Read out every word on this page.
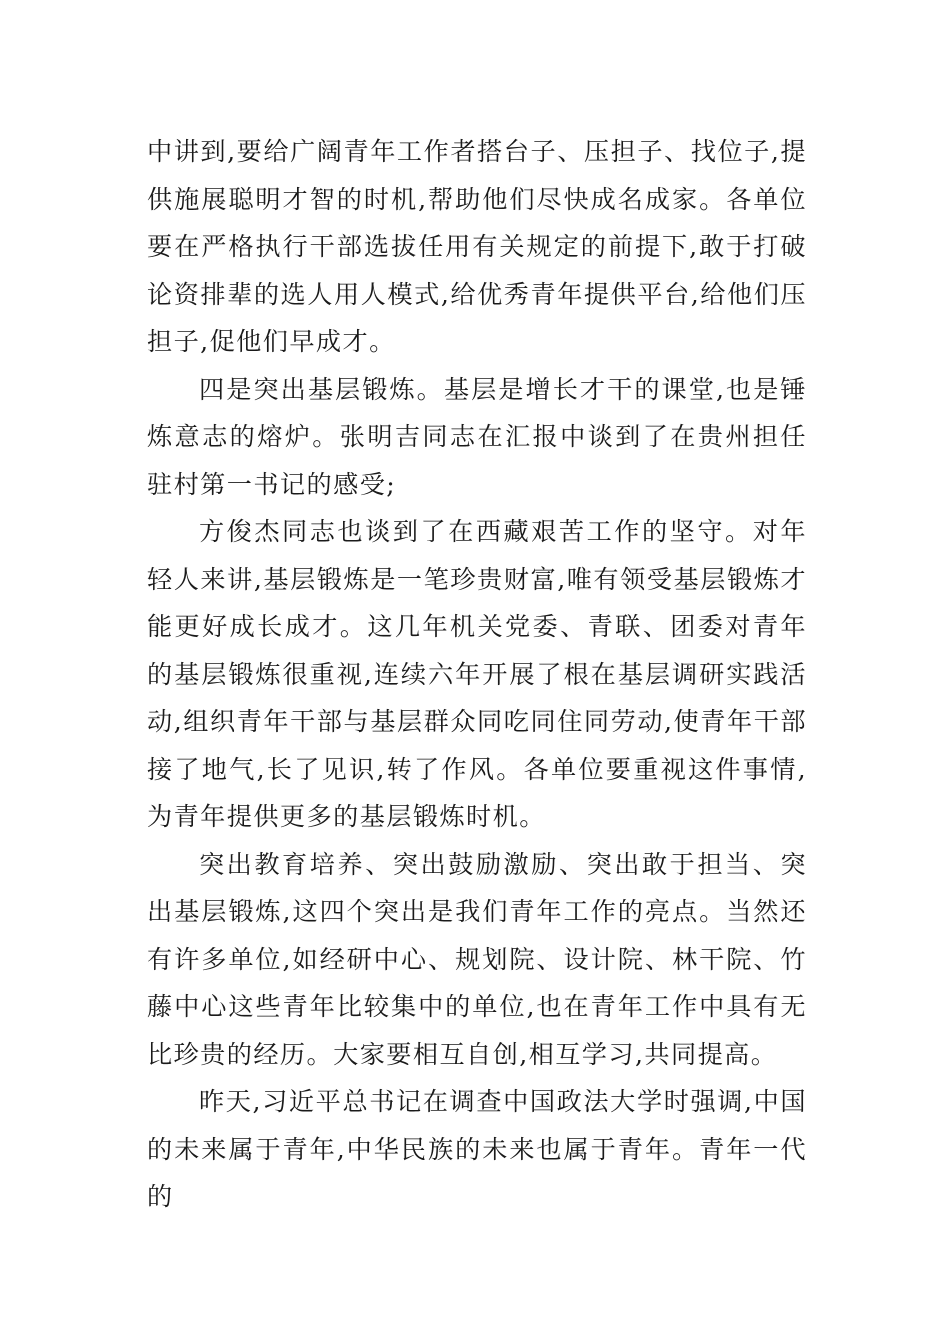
中讲到,要给广阔青年工作者搭台子、压担子、找位子,提供施展聪明才智的时机,帮助他们尽快成名成家。各单位要在严格执行干部选拔任用有关规定的前提下,敢于打破论资排辈的选人用人模式,给优秀青年提供平台,给他们压担子,促他们早成才。

四是突出基层锻炼。基层是增长才干的课堂,也是锤炼意志的熔炉。张明吉同志在汇报中谈到了在贵州担任驻村第一书记的感受;

方俊杰同志也谈到了在西藏艰苦工作的坚守。对年轻人来讲,基层锻炼是一笔珍贵财富,唯有领受基层锻炼才能更好成长成才。这几年机关党委、青联、团委对青年的基层锻炼很重视,连续六年开展了根在基层调研实践活动,组织青年干部与基层群众同吃同住同劳动,使青年干部接了地气,长了见识,转了作风。各单位要重视这件事情,为青年提供更多的基层锻炼时机。

突出教育培养、突出鼓励激励、突出敢于担当、突出基层锻炼,这四个突出是我们青年工作的亮点。当然还有许多单位,如经研中心、规划院、设计院、林干院、竹藤中心这些青年比较集中的单位,也在青年工作中具有无比珍贵的经历。大家要相互自创,相互学习,共同提高。

昨天,习近平总书记在调查中国政法大学时强调,中国的未来属于青年,中华民族的未来也属于青年。青年一代的
